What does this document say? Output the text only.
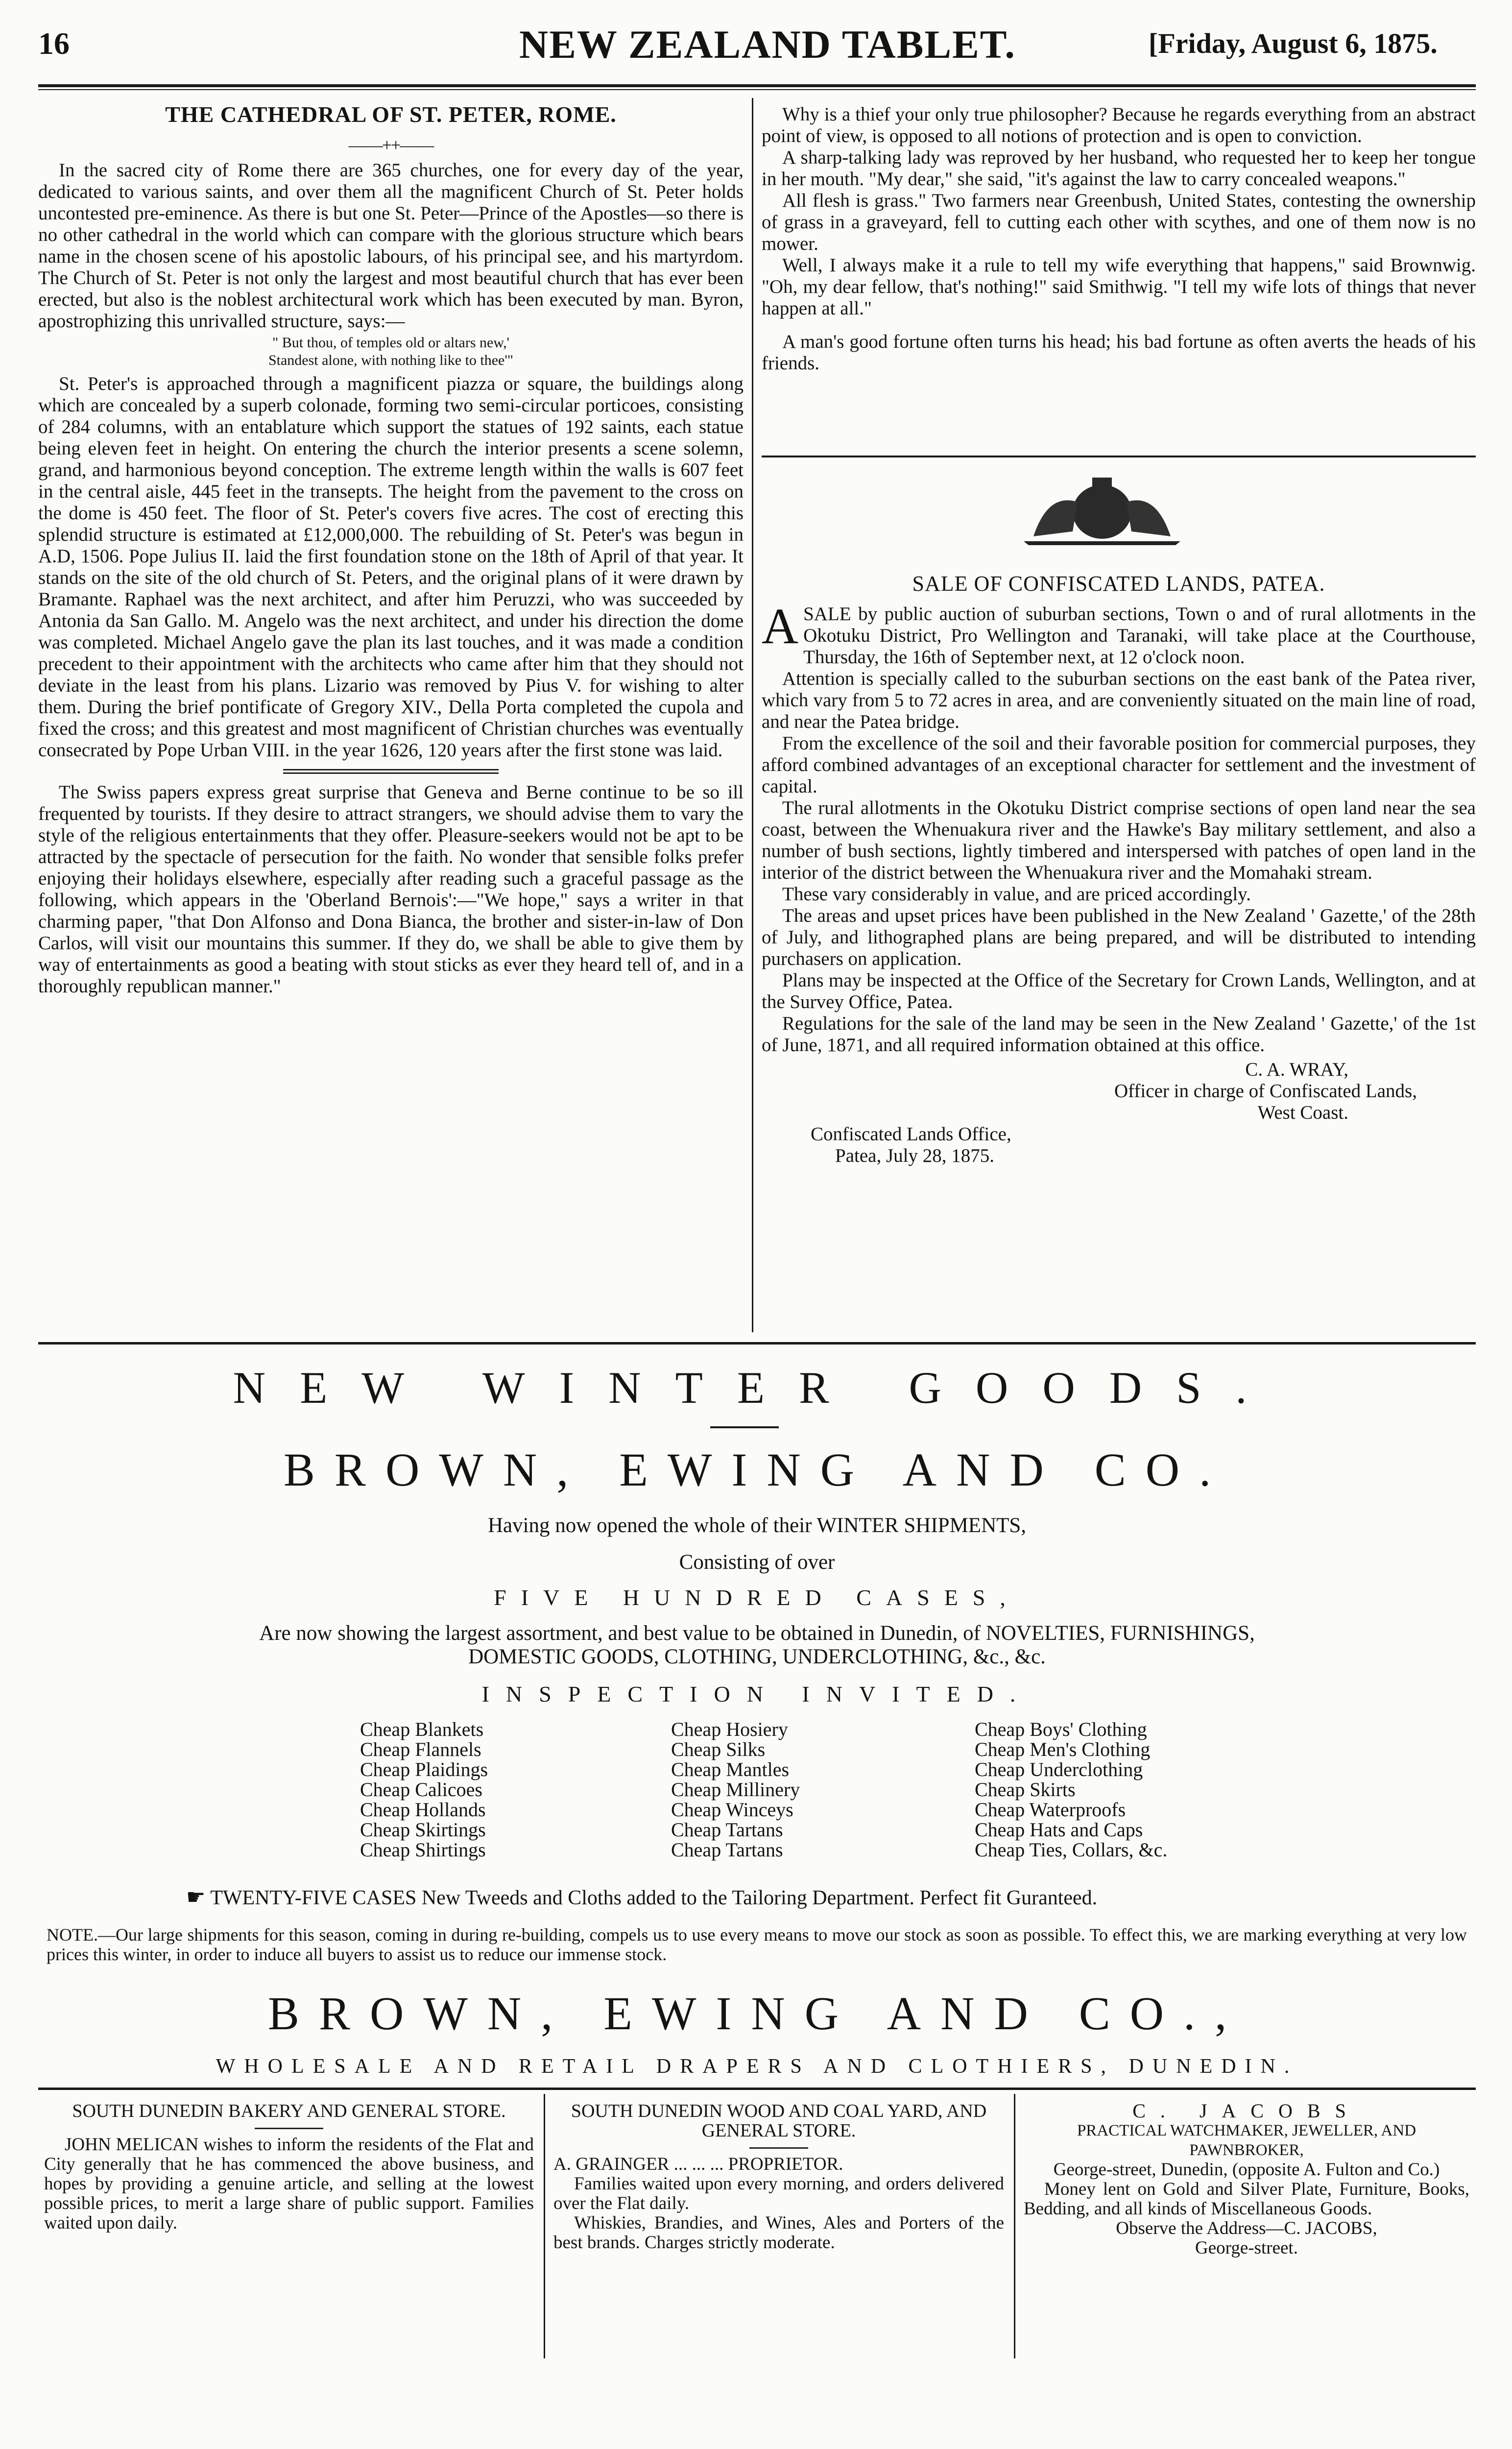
16	NEW ZEALAND TABLET.	[Friday, August 6, 1875.
THE CATHEDRAL OF ST. PETER, ROME.
——++——

In the sacred city of Rome there are 365 churches, one for every day of the year, dedicated to various saints, and over them all the magnificent Church of St. Peter holds uncontested pre-eminence. As there is but one St. Peter—Prince of the Apostles—so there is no other cathedral in the world which can compare with the glorious structure which bears name in the chosen scene of his apostolic labours, of his principal see, and his martyrdom. The Church of St. Peter is not only the largest and most beautiful church that has ever been erected, but also is the noblest architectural work which has been executed by man. Byron, apostrophizing this unrivalled structure, says:—

" But thou, of temples old or altars new,'
Standest alone, with nothing like to thee'"

St. Peter's is approached through a magnificent piazza or square, the buildings along which are concealed by a superb colonade, forming two semi-circular porticoes, consisting of 284 columns, with an entablature which support the statues of 192 saints, each statue being eleven feet in height. On entering the church the interior presents a scene solemn, grand, and harmonious beyond conception. The extreme length within the walls is 607 feet in the central aisle, 445 feet in the transepts. The height from the pavement to the cross on the dome is 450 feet. The floor of St. Peter's covers five acres. The cost of erecting this splendid structure is estimated at £12,000,000. The rebuilding of St. Peter's was begun in A.D, 1506. Pope Julius II. laid the first foundation stone on the 18th of April of that year. It stands on the site of the old church of St. Peters, and the original plans of it were drawn by Bramante. Raphael was the next architect, and after him Peruzzi, who was succeeded by Antonia da San Gallo. M. Angelo was the next architect, and under his direction the dome was completed. Michael Angelo gave the plan its last touches, and it was made a condition precedent to their appointment with the architects who came after him that they should not deviate in the least from his plans. Lizario was removed by Pius V. for wishing to alter them. During the brief pontificate of Gregory XIV., Della Porta completed the cupola and fixed the cross; and this greatest and most magnificent of Christian churches was eventually consecrated by Pope Urban VIII. in the year 1626, 120 years after the first stone was laid.

The Swiss papers express great surprise that Geneva and Berne continue to be so ill frequented by tourists. If they desire to attract strangers, we should advise them to vary the style of the religious entertainments that they offer. Pleasure-seekers would not be apt to be attracted by the spectacle of persecution for the faith. No wonder that sensible folks prefer enjoying their holidays elsewhere, especially after reading such a graceful passage as the following, which appears in the 'Oberland Bernois':—"We hope," says a writer in that charming paper, "that Don Alfonso and Dona Bianca, the brother and sister-in-law of Don Carlos, will visit our mountains this summer. If they do, we shall be able to give them by way of entertainments as good a beating with stout sticks as ever they heard tell of, and in a thoroughly republican manner."

Why is a thief your only true philosopher? Because he regards everything from an abstract point of view, is opposed to all notions of protection and is open to conviction.

A sharp-talking lady was reproved by her husband, who requested her to keep her tongue in her mouth. "My dear," she said, "it's against the law to carry concealed weapons."

All flesh is grass." Two farmers near Greenbush, United States, contesting the ownership of grass in a graveyard, fell to cutting each other with scythes, and one of them now is no mower.

Well, I always make it a rule to tell my wife everything that happens," said Brownwig. "Oh, my dear fellow, that's nothing!" said Smithwig. "I tell my wife lots of things that never happen at all."

A man's good fortune often turns his head; his bad fortune as often averts the heads of his friends.

SALE OF CONFISCATED LANDS, PATEA.

A SALE by public auction of suburban sections, Town o and of rural allotments in the Okotuku District, Pro Wellington and Taranaki, will take place at the Courthouse, Thursday, the 16th of September next, at 12 o'clock noon.

Attention is specially called to the suburban sections on the east bank of the Patea river, which vary from 5 to 72 acres in area, and are conveniently situated on the main line of road, and near the Patea bridge.

From the excellence of the soil and their favorable position for commercial purposes, they afford combined advantages of an exceptional character for settlement and the investment of capital.

The rural allotments in the Okotuku District comprise sections of open land near the sea coast, between the Whenuakura river and the Hawke's Bay military settlement, and also a number of bush sections, lightly timbered and interspersed with patches of open land in the interior of the district between the Whenuakura river and the Momahaki stream.

These vary considerably in value, and are priced accordingly.

The areas and upset prices have been published in the New Zealand ' Gazette,' of the 28th of July, and lithographed plans are being prepared, and will be distributed to intending purchasers on application.

Plans may be inspected at the Office of the Secretary for Crown Lands, Wellington, and at the Survey Office, Patea.

Regulations for the sale of the land may be seen in the New Zealand ' Gazette,' of the 1st of June, 1871, and all required information obtained at this office.

C. A. WRAY,
Officer in charge of Confiscated Lands,
West Coast.
Confiscated Lands Office,
Patea, July 28, 1875.
NEW WINTER GOODS.
BROWN, EWING AND CO.
Having now opened the whole of their WINTER SHIPMENTS,
Consisting of over
FIVE HUNDRED CASES,
Are now showing the largest assortment, and best value to be obtained in Dunedin, of NOVELTIES, FURNISHINGS,
DOMESTIC GOODS, CLOTHING, UNDERCLOTHING, &c., &c.
INSPECTION INVITED.
Cheap Blankets
Cheap Flannels
Cheap Plaidings
Cheap Calicoes
Cheap Hollands
Cheap Skirtings
Cheap Shirtings
Cheap Hosiery
Cheap Silks
Cheap Mantles
Cheap Millinery
Cheap Winceys
Cheap Tartans
Cheap Tartans
Cheap Boys' Clothing
Cheap Men's Clothing
Cheap Underclothing
Cheap Skirts
Cheap Waterproofs
Cheap Hats and Caps
Cheap Ties, Collars, &c.
☛ TWENTY-FIVE CASES New Tweeds and Cloths added to the Tailoring Department. Perfect fit Guranteed.
NOTE.—Our large shipments for this season, coming in during re-building, compels us to use every means to move our stock as soon as possible. To effect this, we are marking everything at very low prices this winter, in order to induce all buyers to assist us to reduce our immense stock.
BROWN, EWING AND CO.,
WHOLESALE AND RETAIL DRAPERS AND CLOTHIERS, DUNEDIN.
SOUTH DUNEDIN BAKERY AND GENERAL STORE.
JOHN MELICAN wishes to inform the residents of the Flat and City generally that he has commenced the above business, and hopes by providing a genuine article, and selling at the lowest possible prices, to merit a large share of public support. Families waited upon daily.
SOUTH DUNEDIN WOOD AND COAL YARD, AND GENERAL STORE.
A. GRAINGER ... ... ... PROPRIETOR.
Families waited upon every morning, and orders delivered over the Flat daily.
Whiskies, Brandies, and Wines, Ales and Porters of the best brands. Charges strictly moderate.
C. JACOBS
PRACTICAL WATCHMAKER, JEWELLER, AND PAWNBROKER,
George-street, Dunedin, (opposite A. Fulton and Co.)
Money lent on Gold and Silver Plate, Furniture, Books, Bedding, and all kinds of Miscellaneous Goods.
Observe the Address—C. JACOBS,
George-street.
